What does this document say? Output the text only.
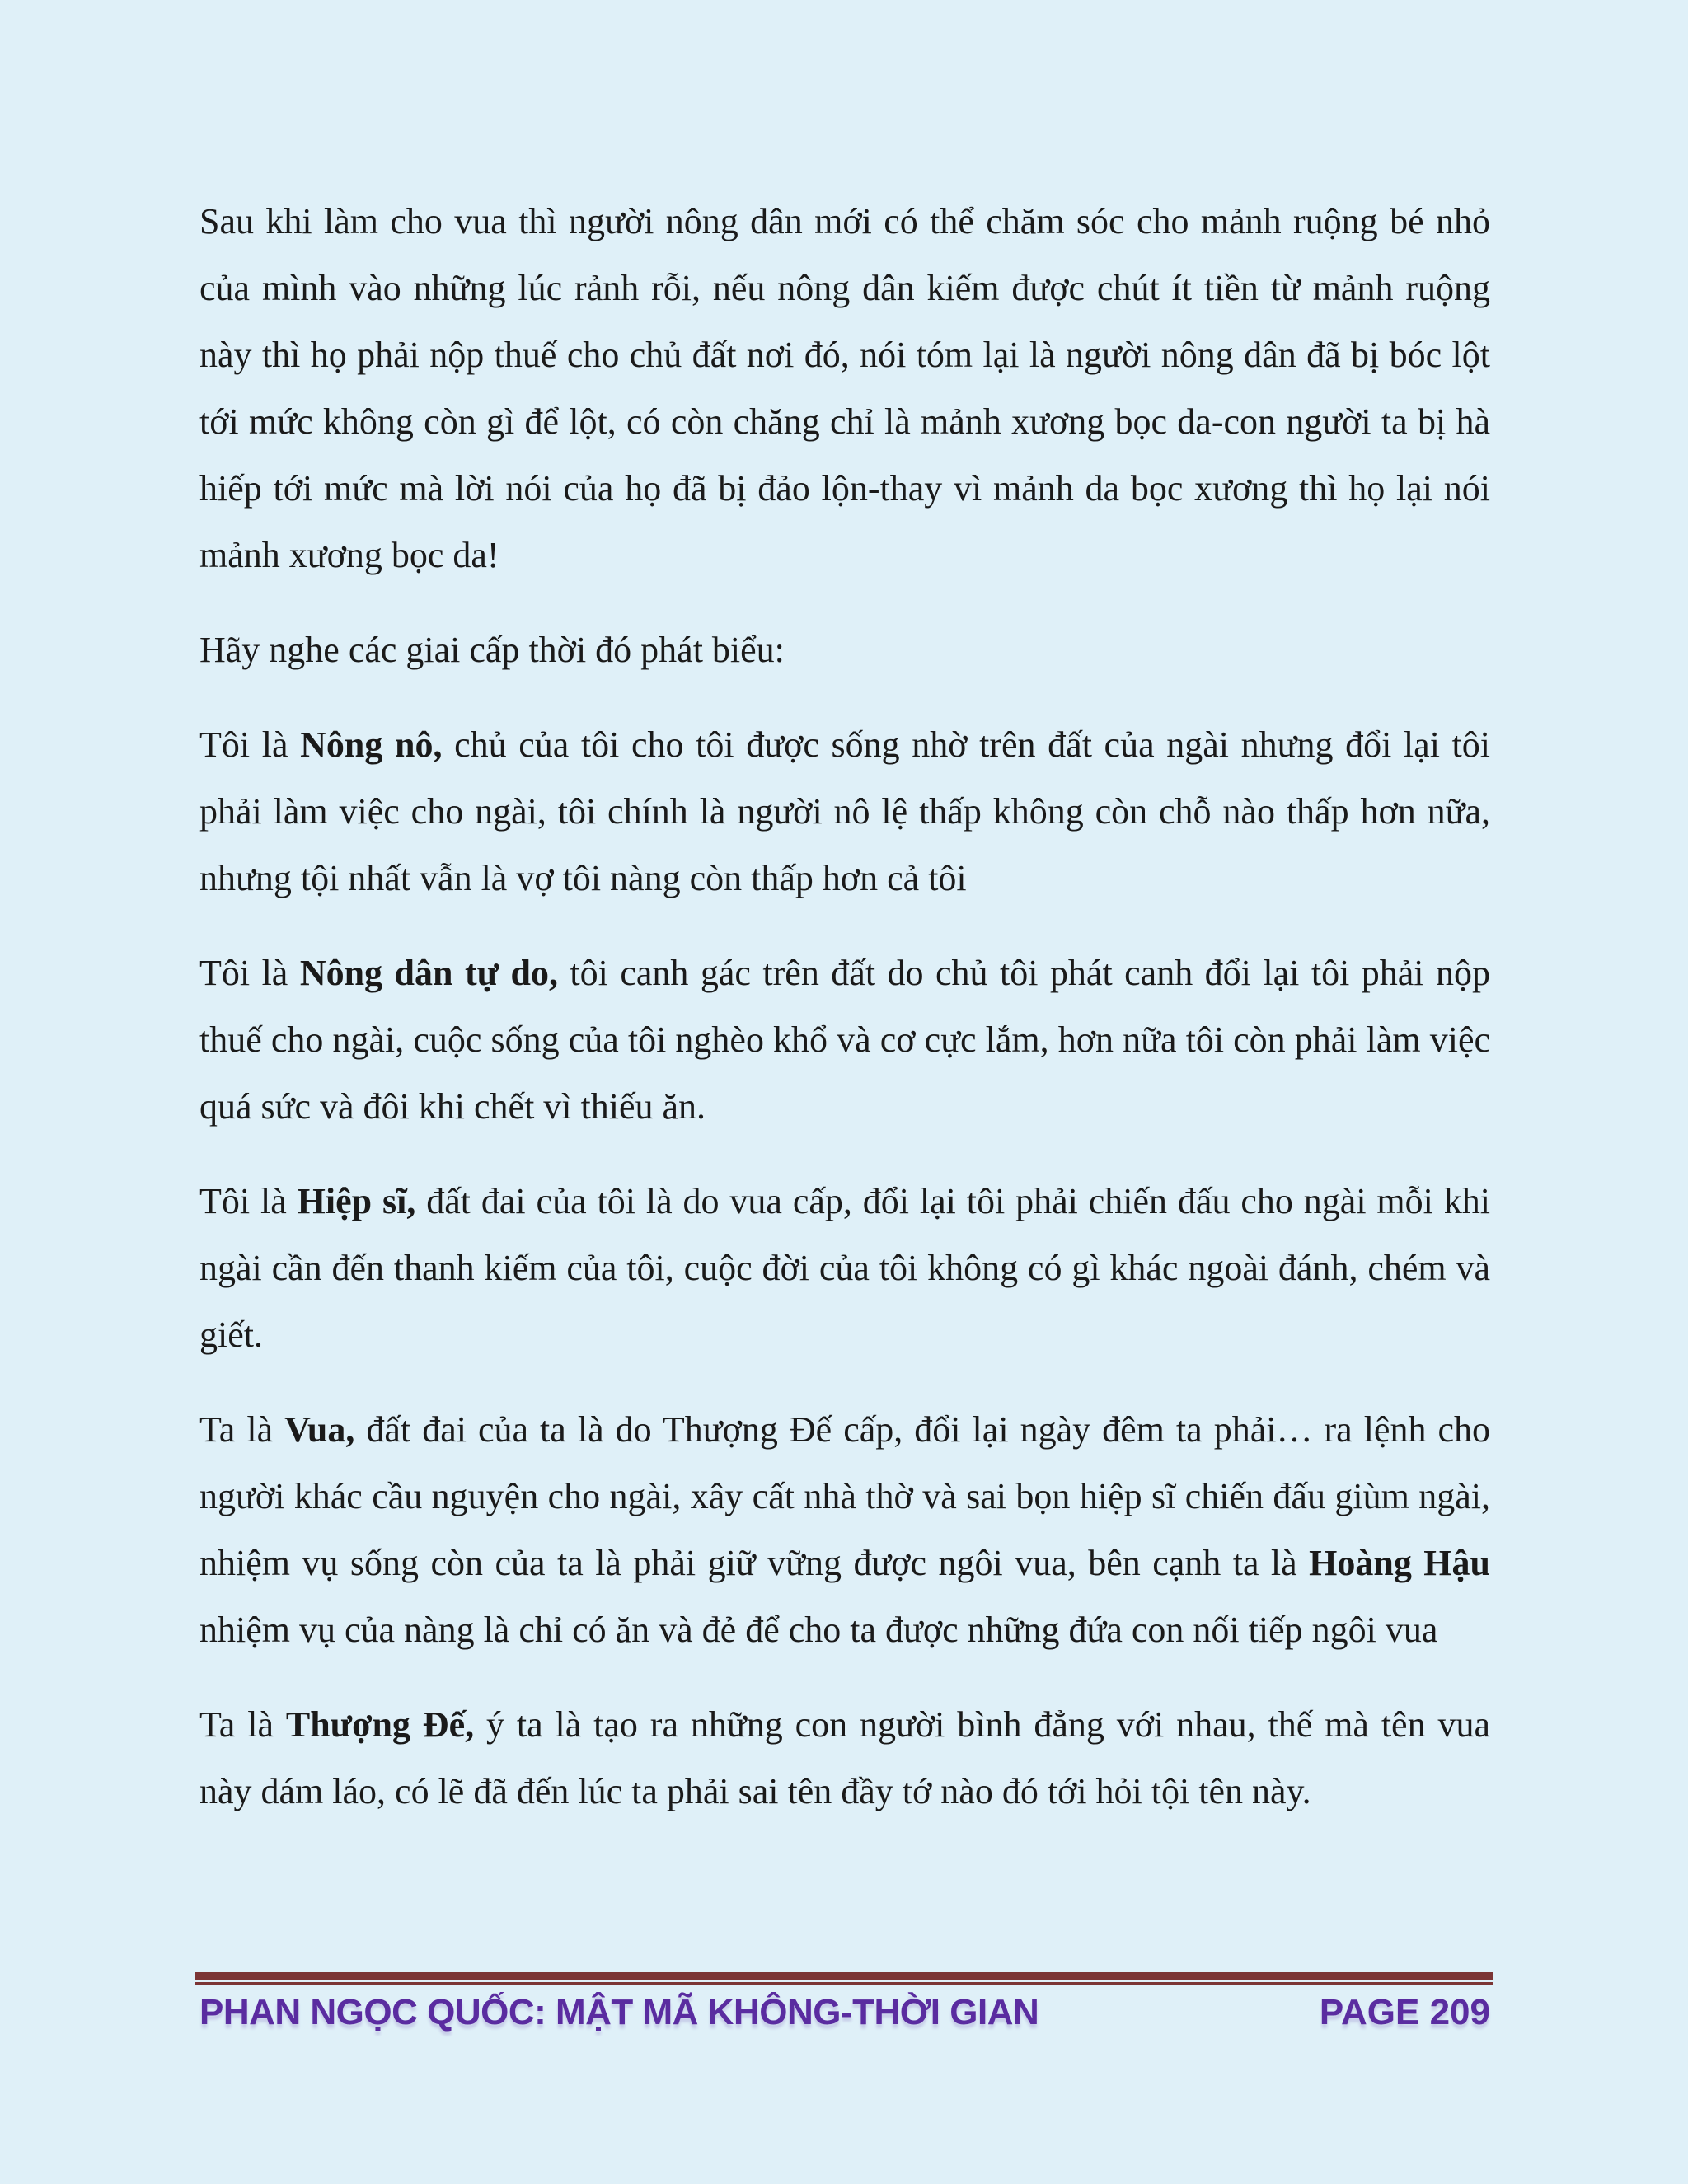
Sau khi làm cho vua thì người nông dân mới có thể chăm sóc cho mảnh ruộng bé nhỏ của mình vào những lúc rảnh rỗi, nếu nông dân kiếm được chút ít tiền từ mảnh ruộng này thì họ phải nộp thuế cho chủ đất nơi đó, nói tóm lại là người nông dân đã bị bóc lột tới mức không còn gì để lột, có còn chăng chỉ là mảnh xương bọc da-con người ta bị hà hiếp tới mức mà lời nói của họ đã bị đảo lộn-thay vì mảnh da bọc xương thì họ lại nói mảnh xương bọc da!

Hãy nghe các giai cấp thời đó phát biểu:

Tôi là Nông nô, chủ của tôi cho tôi được sống nhờ trên đất của ngài nhưng đổi lại tôi phải làm việc cho ngài, tôi chính là người nô lệ thấp không còn chỗ nào thấp hơn nữa, nhưng tội nhất vẫn là vợ tôi nàng còn thấp hơn cả tôi

Tôi là Nông dân tự do, tôi canh gác trên đất do chủ tôi phát canh đổi lại tôi phải nộp thuế cho ngài, cuộc sống của tôi nghèo khổ và cơ cực lắm, hơn nữa tôi còn phải làm việc quá sức và đôi khi chết vì thiếu ăn.

Tôi là Hiệp sĩ, đất đai của tôi là do vua cấp, đổi lại tôi phải chiến đấu cho ngài mỗi khi ngài cần đến thanh kiếm của tôi, cuộc đời của tôi không có gì khác ngoài đánh, chém và giết.

Ta là Vua, đất đai của ta là do Thượng Đế cấp, đổi lại ngày đêm ta phải… ra lệnh cho người khác cầu nguyện cho ngài, xây cất nhà thờ và sai bọn hiệp sĩ chiến đấu giùm ngài, nhiệm vụ sống còn của ta là phải giữ vững được ngôi vua, bên cạnh ta là Hoàng Hậu nhiệm vụ của nàng là chỉ có ăn và đẻ để cho ta được những đứa con nối tiếp ngôi vua

Ta là Thượng Đế, ý ta là tạo ra những con người bình đẳng với nhau, thế mà tên vua này dám láo, có lẽ đã đến lúc ta phải sai tên đầy tớ nào đó tới hỏi tội tên này.

PHAN NGỌC QUỐC: MẬT MÃ KHÔNG-THỜI GIAN	PAGE 209
